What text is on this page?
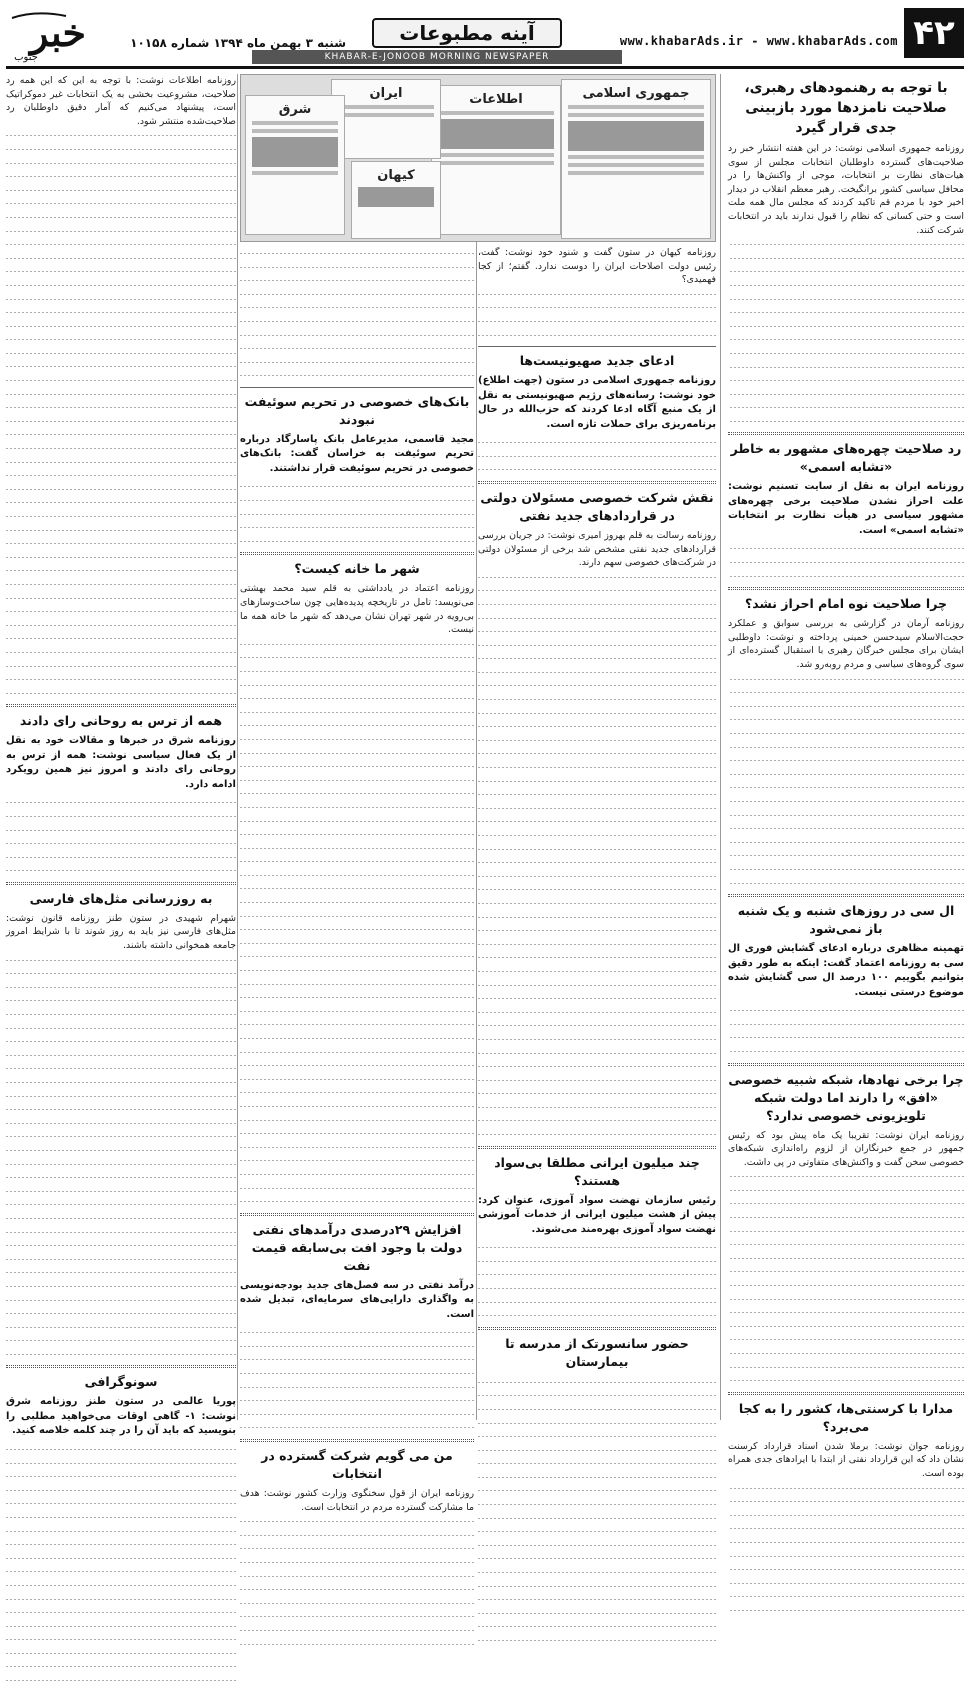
۴۲
www.khabarAds.ir - www.khabarAds.com
آینه مطبوعات
KHABAR-E-JONOOB MORNING NEWSPAPER
شنبه ۳ بهمن ماه ۱۳۹۴ شماره ۱۰۱۵۸
خبر
جنوب
با توجه به رهنمودهای رهبری، صلاحیت نامزدها مورد بازبینی جدی قرار گیرد
روزنامه جمهوری اسلامی نوشت: در این هفته انتشار خبر رد صلاحیت‌های گسترده داوطلبان انتخابات مجلس از سوی هیات‌های نظارت بر انتخابات، موجی از واکنش‌ها را در محافل سیاسی کشور برانگیخت. رهبر معظم انقلاب در دیدار اخیر خود با مردم قم تاکید کردند که مجلس مال همه ملت است و حتی کسانی که نظام را قبول ندارند باید در انتخابات شرکت کنند.
رد صلاحیت چهره‌های مشهور به خاطر «تشابه اسمی»
روزنامه ایران به نقل از سایت تسنیم نوشت: علت احراز نشدن صلاحیت برخی چهره‌های مشهور سیاسی در هیأت نظارت بر انتخابات «تشابه اسمی» است.
چرا صلاحیت نوه امام احراز نشد؟
روزنامه آرمان در گزارشی به بررسی سوابق و عملکرد حجت‌الاسلام سیدحسن خمینی پرداخته و نوشت: داوطلبی ایشان برای مجلس خبرگان رهبری با استقبال گسترده‌ای از سوی گروه‌های سیاسی و مردم روبه‌رو شد.
ال سی در روزهای شنبه و یک شنبه باز نمی‌شود
تهمینه مظاهری درباره ادعای گشایش فوری ال سی به روزنامه اعتماد گفت: اینکه به طور دقیق بتوانیم بگوییم ۱۰۰ درصد ال سی گشایش شده موضوع درستی نیست.
چرا برخی نهادها، شبکه شبیه خصوصی «افق» را دارند اما دولت شبکه تلویزیونی خصوصی ندارد؟
روزنامه ایران نوشت: تقریبا یک ماه پیش بود که رئیس جمهور در جمع خبرنگاران از لزوم راه‌اندازی شبکه‌های خصوصی سخن گفت و واکنش‌های متفاوتی در پی داشت.
مدارا با کرسنتی‌ها، کشور را به کجا می‌برد؟
روزنامه جوان نوشت: برملا شدن اسناد قرارداد کرسنت نشان داد که این قرارداد نفتی از ابتدا با ایرادهای جدی همراه بوده است.
جمهوری اسلامی
اطلاعات
ایران
کیهان
شرق
روزنامه کیهان در ستون گفت و شنود خود نوشت: گفت، رئیس دولت اصلاحات ایران را دوست ندارد. گفتم؛ از کجا فهمیدی؟
ادعای جدید صهیونیست‌ها
روزنامه جمهوری اسلامی در ستون (جهت اطلاع) خود نوشت: رسانه‌های رژیم صهیونیستی به نقل از یک منبع آگاه ادعا کردند که حزب‌الله در حال برنامه‌ریزی برای حملات تازه است.
نقش شرکت خصوصی مسئولان دولتی در قراردادهای جدید نفتی
روزنامه رسالت به قلم بهروز امیری نوشت: در جریان بررسی قراردادهای جدید نفتی مشخص شد برخی از مسئولان دولتی در شرکت‌های خصوصی سهم دارند.
چند میلیون ایرانی مطلقا بی‌سواد هستند؟
رئیس سازمان نهضت سواد آموزی، عنوان کرد: پیش از هشت میلیون ایرانی از خدمات آموزشی نهضت سواد آموزی بهره‌مند می‌شوند.
حضور سانسورتک از مدرسه تا بیمارستان
بانک‌های خصوصی در تحریم سوئیفت نبودند
مجید قاسمی، مدیرعامل بانک پاسارگاد درباره تحریم سوئیفت به خراسان گفت: بانک‌های خصوصی در تحریم سوئیفت قرار نداشتند.
شهر ما خانه کیست؟
روزنامه اعتماد در یادداشتی به قلم سید محمد بهشتی می‌نویسد: تامل در تاریخچه پدیده‌هایی چون ساخت‌وسازهای بی‌رویه در شهر تهران نشان می‌دهد که شهر ما خانه همه ما نیست.
افزایش ۲۹درصدی درآمدهای نفتی دولت با وجود افت بی‌سابقه قیمت نفت
درآمد نفتی در سه فصل‌های جدید بودجه‌نویسی به واگذاری دارایی‌های سرمایه‌ای، تبدیل شده است.
من می گویم شرکت گسترده در انتخابات
روزنامه ایران از قول سخنگوی وزارت کشور نوشت: هدف ما مشارکت گسترده مردم در انتخابات است.
روزنامه اطلاعات نوشت: با توجه به این که این همه رد صلاحیت، مشروعیت بخشی به یک انتخابات غیر دموکراتیک است، پیشنهاد می‌کنیم که آمار دقیق داوطلبان رد صلاحیت‌شده منتشر شود.
همه از ترس به روحانی رای دادند
روزنامه شرق در خبرها و مقالات خود به نقل از یک فعال سیاسی نوشت: همه از ترس به روحانی رای دادند و امروز نیز همین رویکرد ادامه دارد.
به روزرسانی مثل‌های فارسی
شهرام شهیدی در ستون طنز روزنامه قانون نوشت: مثل‌های فارسی نیز باید به روز شوند تا با شرایط امروز جامعه همخوانی داشته باشند.
سونوگرافی
پوریا عالمی در ستون طنز روزنامه شرق نوشت: ۱- گاهی اوقات می‌خواهید مطلبی را بنویسید که باید آن را در چند کلمه خلاصه کنید.
